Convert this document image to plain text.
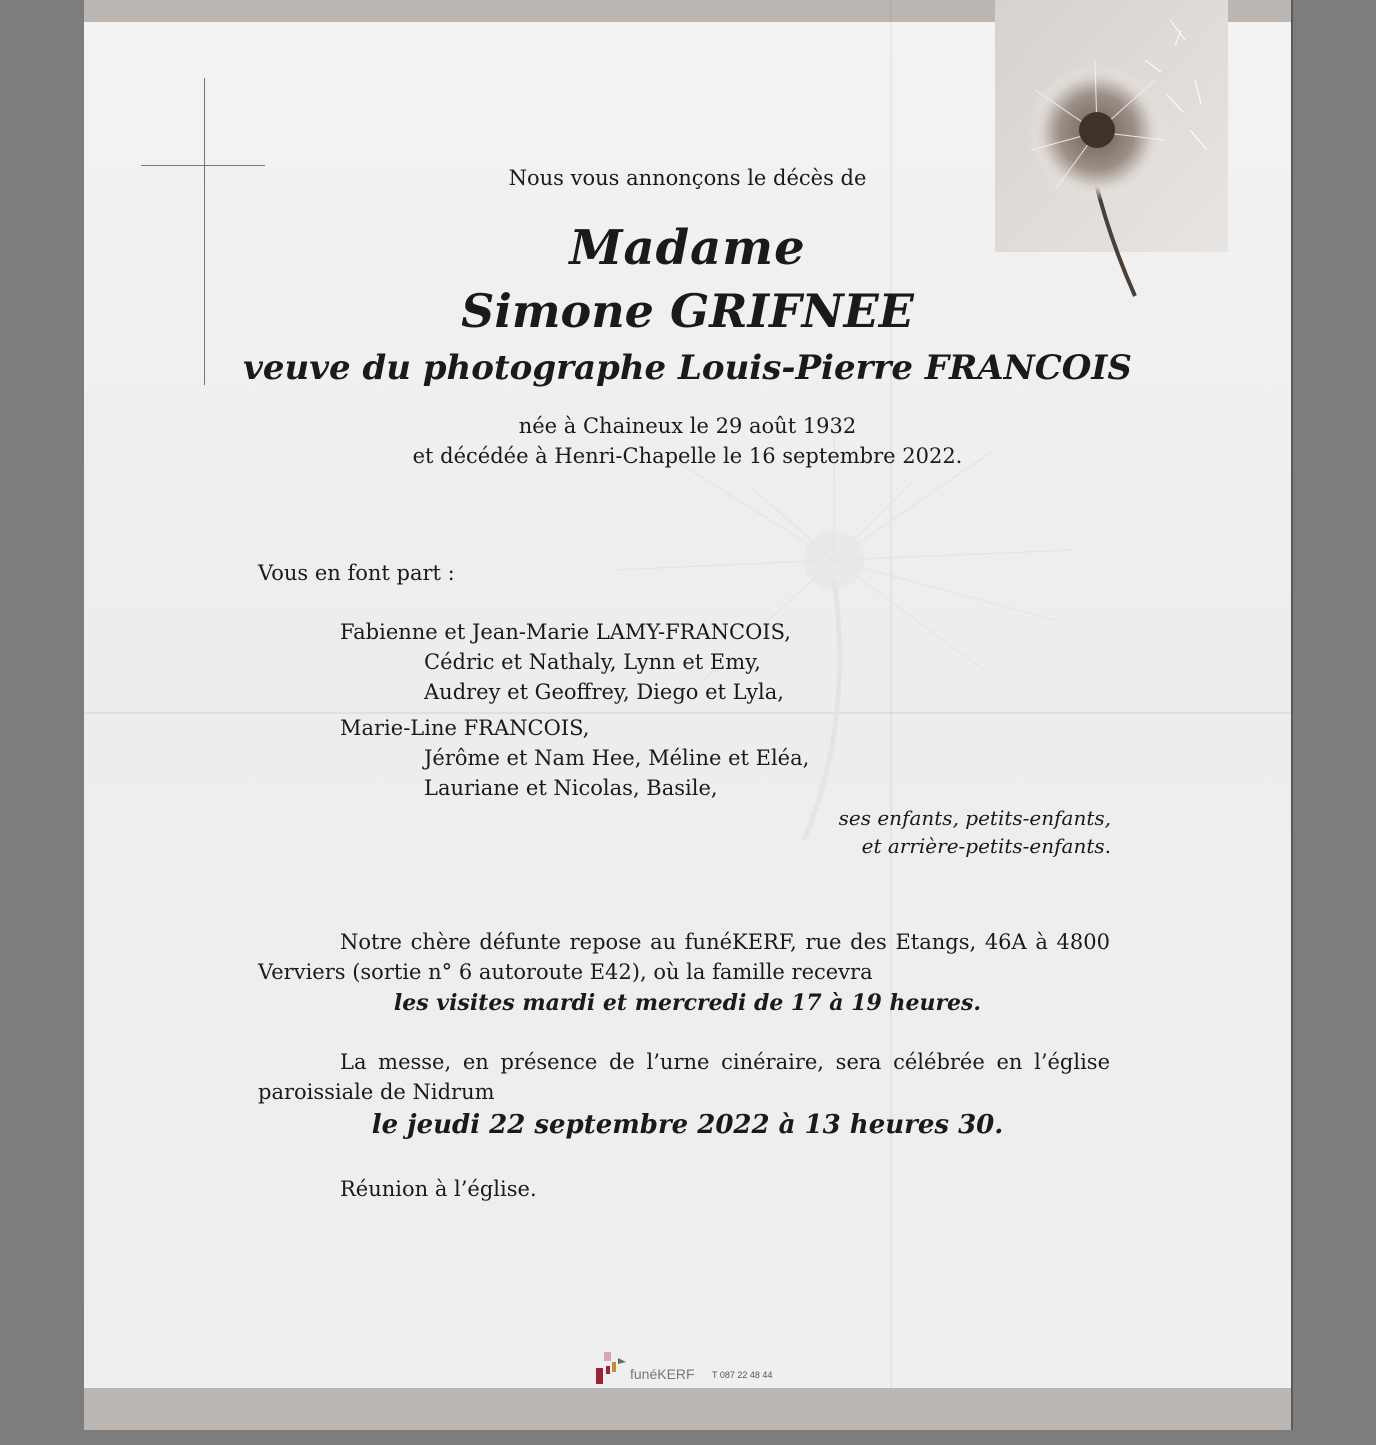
Nous vous annonçons le décès de

Madame

Simone GRIFNEE

veuve du photographe Louis-Pierre FRANCOIS

née à Chaineux le 29 août 1932

et décédée à Henri-Chapelle le 16 septembre 2022.

Vous en font part :

Fabienne et Jean-Marie LAMY-FRANCOIS,

Cédric et Nathaly, Lynn et Emy,

Audrey et Geoffrey, Diego et Lyla,

Marie-Line FRANCOIS,

Jérôme et Nam Hee, Méline et Eléa,

Lauriane et Nicolas, Basile,

ses enfants, petits-enfants,

et arrière-petits-enfants.

Notre chère défunte repose au funéKERF, rue des Etangs, 46A à 4800

Verviers (sortie n° 6 autoroute E42), où la famille recevra

les visites mardi et mercredi de 17 à 19 heures.

La messe, en présence de l’urne cinéraire, sera célébrée en l’église

paroissiale de Nidrum

le jeudi 22 septembre 2022 à 13 heures 30.

Réunion à l’église.

funéKERF T 087 22 48 44
